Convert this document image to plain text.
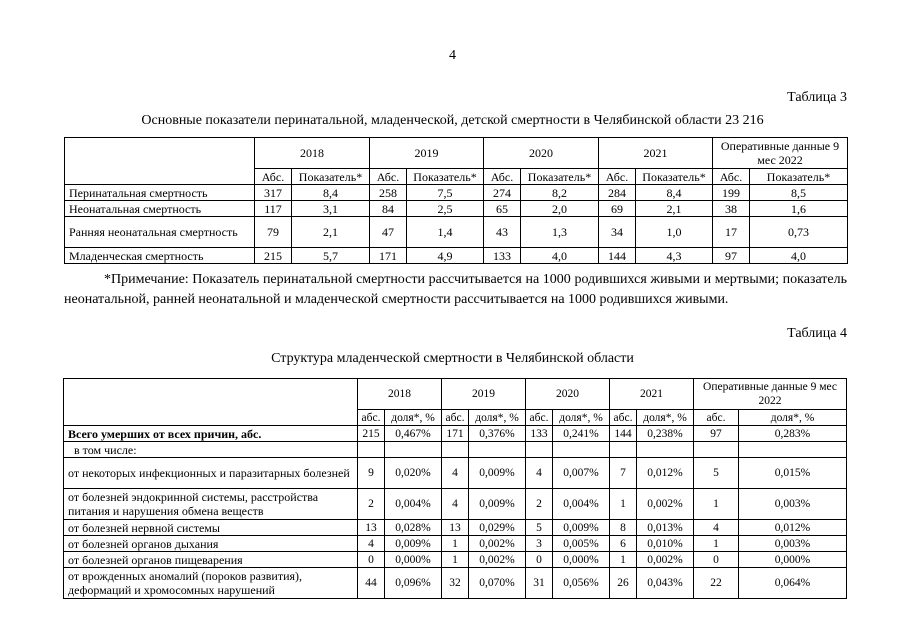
4
Таблица 3
Основные показатели перинатальной, младенческой, детской смертности в Челябинской области 23 216
	2018		2019		2020		2021		Оперативные данные 9 мес 2022	
	Абс.	Показатель*	Абс.	Показатель*	Абс.	Показатель*	Абс.	Показатель*	Абс.	Показатель*
Перинатальная смертность	317	8,4	258	7,5	274	8,2	284	8,4	199	8,5
Неонатальная смертность	117	3,1	84	2,5	65	2,0	69	2,1	38	1,6
Ранняя неонатальная смертность	79	2,1	47	1,4	43	1,3	34	1,0	17	0,73
Младенческая смертность	215	5,7	171	4,9	133	4,0	144	4,3	97	4,0
*Примечание: Показатель перинатальной смертности рассчитывается на 1000 родившихся живыми и мертвыми; показатель неонатальной, ранней неонатальной и младенческой смертности рассчитывается на 1000 родившихся живыми.
Таблица 4
Структура младенческой смертности в Челябинской области
	2018		2019		2020		2021		Оперативные данные 9 мес 2022	
	абс.	доля*, %	абс.	доля*, %	абс.	доля*, %	абс.	доля*, %	абс.	доля*, %
Всего умерших от всех причин, абс.	215	0,467%	171	0,376%	133	0,241%	144	0,238%	97	0,283%
в том числе:										
от некоторых инфекционных и паразитарных болезней	9	0,020%	4	0,009%	4	0,007%	7	0,012%	5	0,015%
от болезней эндокринной системы, расстройства питания и нарушения обмена веществ	2	0,004%	4	0,009%	2	0,004%	1	0,002%	1	0,003%
от болезней нервной системы	13	0,028%	13	0,029%	5	0,009%	8	0,013%	4	0,012%
от болезней органов дыхания	4	0,009%	1	0,002%	3	0,005%	6	0,010%	1	0,003%
от болезней органов пищеварения	0	0,000%	1	0,002%	0	0,000%	1	0,002%	0	0,000%
от врожденных аномалий (пороков развития), деформаций и хромосомных нарушений	44	0,096%	32	0,070%	31	0,056%	26	0,043%	22	0,064%
